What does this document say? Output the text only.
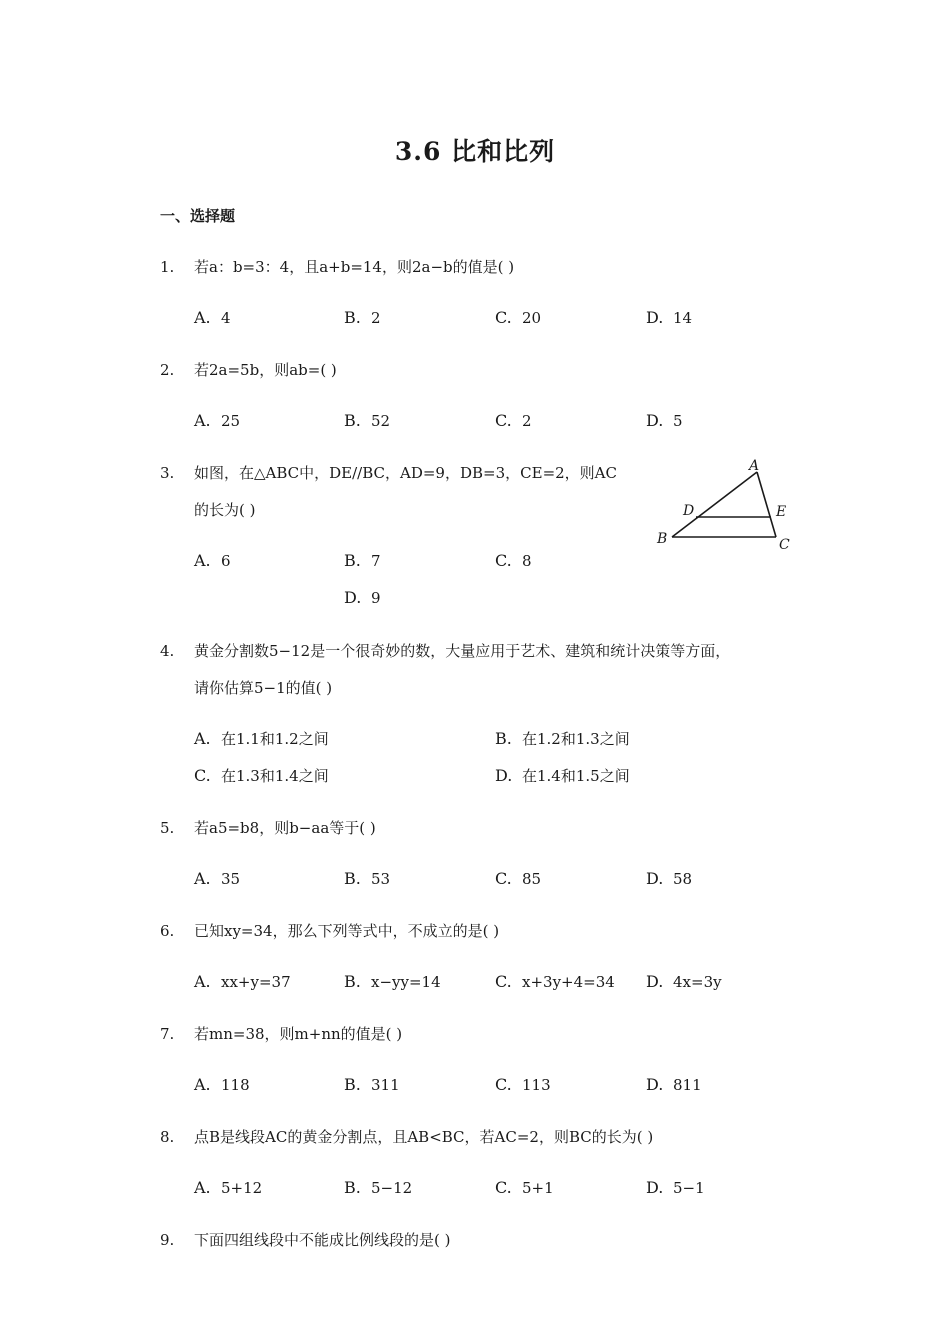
3.6 比和比列
一、选择题
1.	若a：b=3：4，且a+b=14，则2a−b的值是( )
A. 4	B. 2	C. 20	D. 14
2.	若2a=5b，则ab=( )
A. 25	B. 52	C. 2	D. 5
3.	如图，在△ABC中，DE//BC，AD=9，DB=3，CE=2，则AC
的长为( )
A. 6	B. 7	C. 8
D. 9
A
B	C
D	E
4.	黄金分割数5−12是一个很奇妙的数，大量应用于艺术、建筑和统计决策等方面，
请你估算5−1的值( )
A. 在1.1和1.2之间	B. 在1.2和1.3之间
C. 在1.3和1.4之间	D. 在1.4和1.5之间
5.	若a5=b8，则b−aa等于( )
A. 35	B. 53	C. 85	D. 58
6.	已知xy=34，那么下列等式中，不成立的是( )
A. xx+y=37	B. x−yy=14	C. x+3y+4=34 D. 4x=3y
7.	若mn=38，则m+nn的值是( )
A. 118	B. 311	C. 113	D. 811
8.	点B是线段AC的黄金分割点，且AB<BC，若AC=2，则BC的长为( )
A. 5+12	B. 5−12	C. 5+1	D. 5−1
9.	下面四组线段中不能成比例线段的是( )
